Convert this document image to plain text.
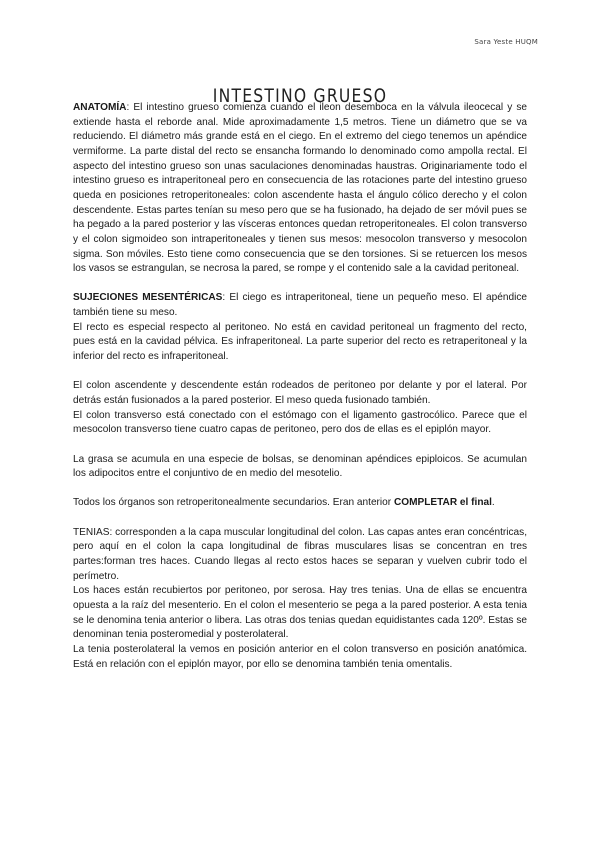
Sara Yeste HUQM
INTESTINO GRUESO

ANATOMÍA: El intestino grueso comienza cuando el ileon desemboca en la válvula ileocecal y se extiende hasta el reborde anal. Mide aproximadamente 1,5 metros. Tiene un diámetro que se va reduciendo. El diámetro más grande está en el ciego. En el extremo del ciego tenemos un apéndice vermiforme. La parte distal del recto se ensancha formando lo denominado como ampolla rectal. El aspecto del intestino grueso son unas saculaciones denominadas haustras. Originariamente todo el intestino grueso es intraperitoneal pero en consecuencia de las rotaciones parte del intestino grueso queda en posiciones retroperitoneales: colon ascendente hasta el ángulo cólico derecho y el colon descendente. Estas partes tenían su meso pero que se ha fusionado, ha dejado de ser móvil pues se ha pegado a la pared posterior y las vísceras entonces quedan retroperitoneales. El colon transverso y el colon sigmoideo son intraperitoneales y tienen sus mesos: mesocolon transverso y mesocolon sigma. Son móviles. Esto tiene como consecuencia que se den torsiones. Si se retuercen los mesos los vasos se estrangulan, se necrosa la pared, se rompe y el contenido sale a la cavidad peritoneal.

SUJECIONES MESENTÉRICAS: El ciego es intraperitoneal, tiene un pequeño meso. El apéndice también tiene su meso.

El recto es especial respecto al peritoneo. No está en cavidad peritoneal un fragmento del recto, pues está en la cavidad pélvica. Es infraperitoneal. La parte superior del recto es retraperitoneal y la inferior del recto es infraperitoneal.

El colon ascendente y descendente están rodeados de peritoneo por delante y por el lateral. Por detrás están fusionados a la pared posterior. El meso queda fusionado también.

El colon transverso está conectado con el estómago con el ligamento gastrocólico. Parece que el mesocolon transverso tiene cuatro capas de peritoneo, pero dos de ellas es el epiplón mayor.

La grasa se acumula en una especie de bolsas, se denominan apéndices epiploicos. Se acumulan los adipocitos entre el conjuntivo de en medio del mesotelio.

Todos los órganos son retroperitonealmente secundarios. Eran anterior COMPLETAR el final.

TENIAS: corresponden a la capa muscular longitudinal del colon. Las capas antes eran concéntricas, pero aquí en el colon la capa longitudinal de fibras musculares lisas se concentran en tres partes:forman tres haces. Cuando llegas al recto estos haces se separan y vuelven cubrir todo el perímetro.

Los haces están recubiertos por peritoneo, por serosa. Hay tres tenias. Una de ellas se encuentra opuesta a la raíz del mesenterio. En el colon el mesenterio se pega a la pared posterior. A esta tenia se le denomina tenia anterior o libera. Las otras dos tenias quedan equidistantes cada 120º. Estas se denominan tenia posteromedial y posterolateral.

La tenia posterolateral la vemos en posición anterior en el colon transverso en posición anatómica. Está en relación con el epiplón mayor, por ello se denomina también tenia omentalis.
